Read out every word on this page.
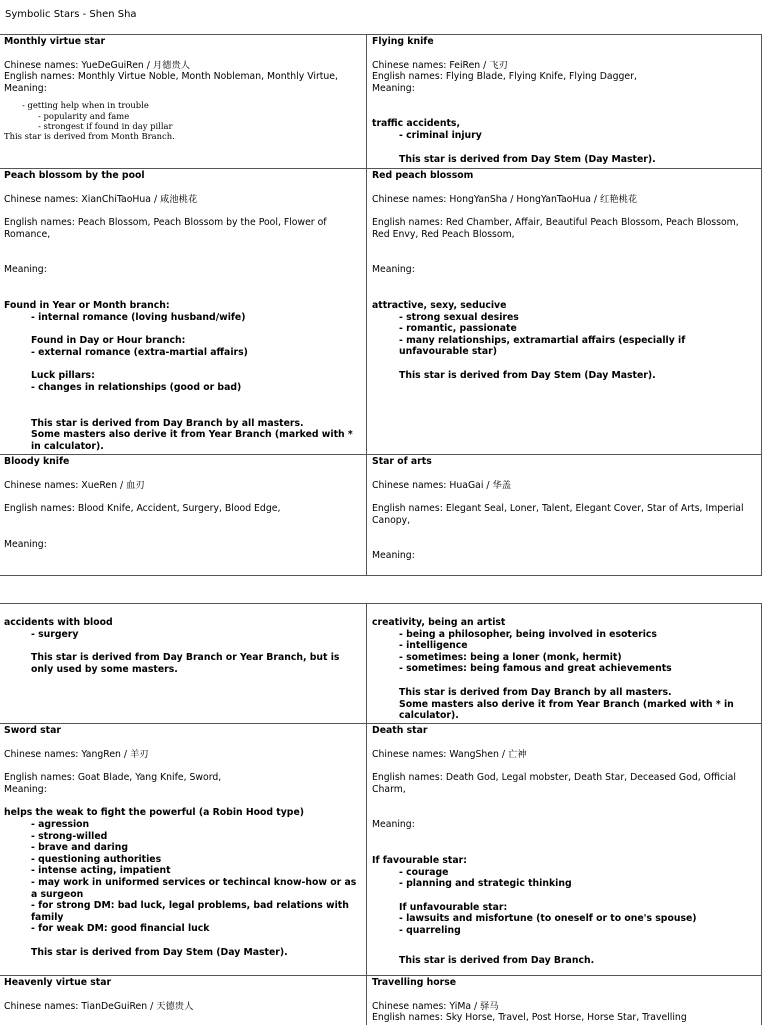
Symbolic Stars - Shen Sha

Monthly virtue star

Chinese names: YueDeGuiRen / 月德贵人

English names: Monthly Virtue Noble, Month Nobleman, Monthly Virtue,

Meaning:

- getting help when in trouble
- popularity and fame
- strongest if found in day pillar
This star is derived from Month Branch.

Flying knife

Chinese names: FeiRen / 飞刃

English names: Flying Blade, Flying Knife, Flying Dagger,

Meaning:

traffic accidents,

- criminal injury

This star is derived from Day Stem (Day Master).

Peach blossom by the pool

Chinese names: XianChiTaoHua / 咸池桃花

English names: Peach Blossom, Peach Blossom by the Pool, Flower of Romance,

Meaning:

Found in Year or Month branch:

- internal romance (loving husband/wife)

Found in Day or Hour branch:

- external romance (extra-martial affairs)

Luck pillars:

- changes in relationships (good or bad)

This star is derived from Day Branch by all masters.

Some masters also derive it from Year Branch (marked with * in calculator).

Red peach blossom

Chinese names: HongYanSha / HongYanTaoHua / 红艳桃花

English names: Red Chamber, Affair, Beautiful Peach Blossom, Peach Blossom, Red Envy, Red Peach Blossom,

Meaning:

attractive, sexy, seducive

- strong sexual desires

- romantic, passionate

- many relationships, extramartial affairs (especially if unfavourable star)

This star is derived from Day Stem (Day Master).

Bloody knife

Chinese names: XueRen / 血刃

English names: Blood Knife, Accident, Surgery, Blood Edge,

Meaning:

Star of arts

Chinese names: HuaGai / 华盖

English names: Elegant Seal, Loner, Talent, Elegant Cover, Star of Arts, Imperial Canopy,

Meaning:

accidents with blood

- surgery

This star is derived from Day Branch or Year Branch, but is only used by some masters.

creativity, being an artist

- being a philosopher, being involved in esoterics

- intelligence

- sometimes: being a loner (monk, hermit)

- sometimes: being famous and great achievements

This star is derived from Day Branch by all masters.

Some masters also derive it from Year Branch (marked with * in calculator).

Sword star

Chinese names: YangRen / 羊刃

English names: Goat Blade, Yang Knife, Sword,

Meaning:

helps the weak to fight the powerful (a Robin Hood type)

- agression

- strong-willed

- brave and daring

- questioning authorities

- intense acting, impatient

- may work in uniformed services or techincal know-how or as a surgeon

- for strong DM: bad luck, legal problems, bad relations with family

- for weak DM: good financial luck

This star is derived from Day Stem (Day Master).

Death star

Chinese names: WangShen / 亡神

English names: Death God, Legal mobster, Death Star, Deceased God, Official Charm,

Meaning:

If favourable star:

- courage

- planning and strategic thinking

If unfavourable star:

- lawsuits and misfortune (to oneself or to one's spouse)

- quarreling

This star is derived from Day Branch.

Heavenly virtue star

Chinese names: TianDeGuiRen / 天德贵人

Travelling horse

Chinese names: YiMa / 驿马

English names: Sky Horse, Travel, Post Horse, Horse Star, Travelling
